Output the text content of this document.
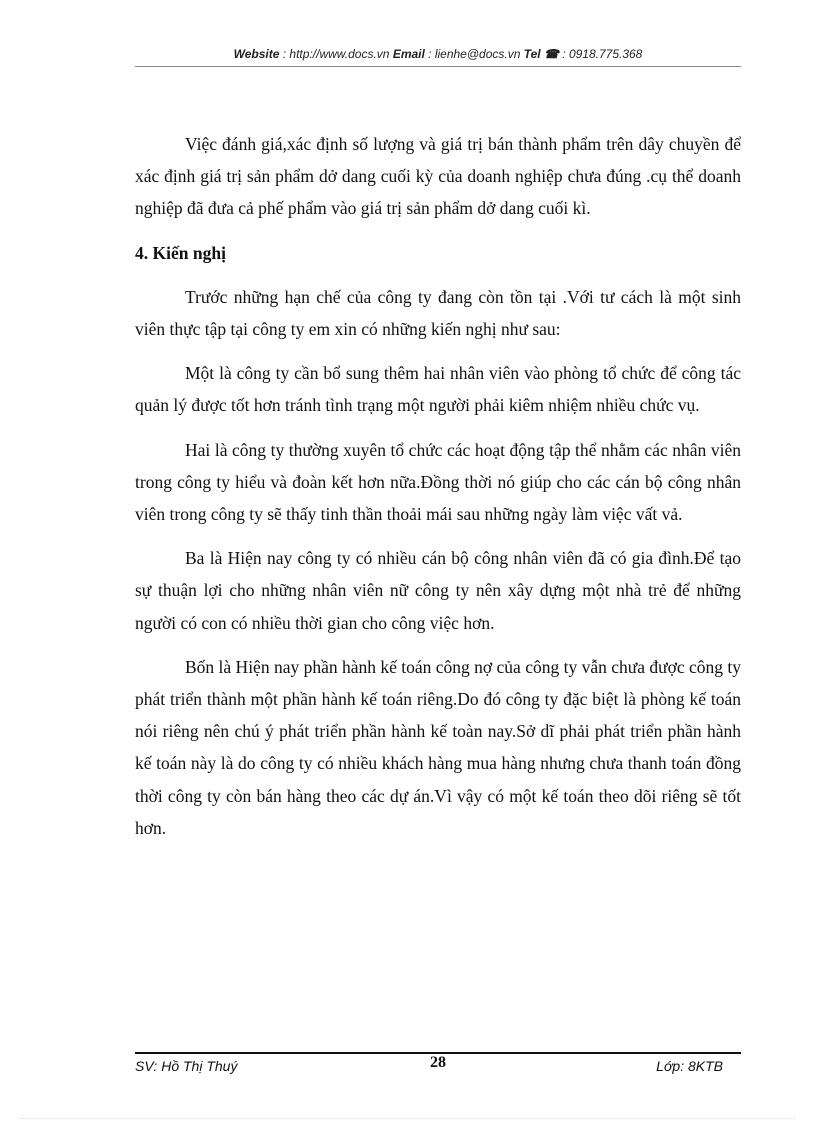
Website : http://www.docs.vn Email : lienhe@docs.vn Tel ☎ : 0918.775.368

Việc đánh giá,xác định số lượng và giá trị bán thành phẩm trên dây chuyền để xác định giá trị sản phẩm dở dang cuối kỳ của doanh nghiệp chưa đúng .cụ thể doanh nghiệp đã đưa cả phế phẩm vào giá trị sản phẩm dở dang cuối kì.

4. Kiến nghị

Trước những hạn chế của công ty đang còn tồn tại .Với tư cách là một sinh viên thực tập tại công ty em xin có những kiến nghị như sau:

Một là công ty cần bổ sung thêm hai nhân viên vào phòng tổ chức để công tác quản lý được tốt hơn tránh tình trạng một người phải kiêm nhiệm nhiều chức vụ.

Hai là công ty thường xuyên tổ chức các hoạt động tập thể nhằm các nhân viên trong công ty hiểu và đoàn kết hơn nữa.Đồng thời nó giúp cho các cán bộ công nhân viên trong công ty sẽ thấy tinh thần thoải mái sau những ngày làm việc vất vả.

Ba là Hiện nay công ty có nhiều cán bộ công nhân viên đã có gia đình.Để tạo sự thuận lợi cho những nhân viên nữ công ty nên xây dựng một nhà trẻ để những người có con có nhiều thời gian cho công việc hơn.

Bốn là Hiện nay phần hành kế toán công nợ của công ty vẫn chưa được công ty phát triển thành một phần hành kế toán riêng.Do đó công ty đặc biệt là phòng kế toán nói riêng nên chú ý phát triển phần hành kế toàn nay.Sở dĩ phải phát triển phần hành kế toán này là do công ty có nhiều khách hàng mua hàng nhưng chưa thanh toán đồng thời công ty còn bán hàng theo các dự án.Vì vậy có một kế toán theo dõi riêng sẽ tốt hơn.

SV: Hồ Thị Thuý	28	Lớp: 8KTB
